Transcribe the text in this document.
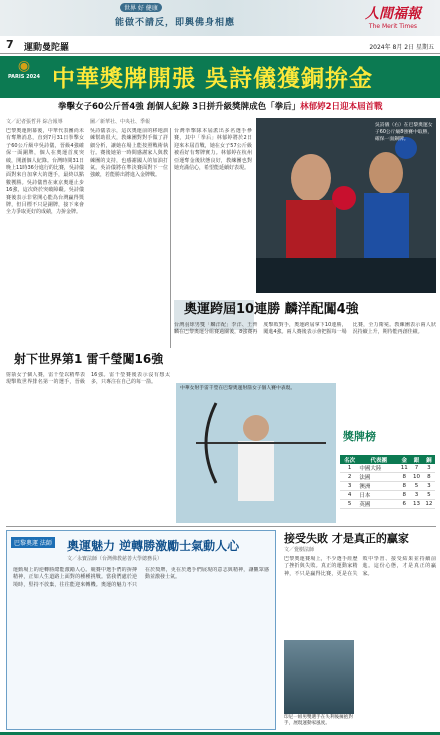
世界 好 健康
能做不請反，即興佛身相應
人間福報
The Merit Times
7 運動曼陀羅	2024年 8月 2日 星期五
◉
PARIS 2024 中華獎牌開張 吳詩儀獲銅拚金
拳擊女子60公斤晉4強 創個人紀錄 3日拼升級獎牌成色「拳后」林郁婷2日迎本屆首戰
文／記者張哲昇 綜合報導	圖／新華社、中央社、季報
巴黎奧運開幕後，中華代表團尚未有奪牌消息，直到7月31日拳擊女子60公斤級中吳詩儀，晉級4強確保一面銅牌，個人在奧運首度突破，開創個人紀錄。台灣時間31日晚上11時36分進行的比賽，吳詩儀面對來自加拿大的選手，最終以點數獲勝。吳詩儀曾在東京奧運止步16強，這次終於突破障礙。吳詩儀賽後表示非常開心能為台灣贏得獎牌，但目標不只是銅牌，接下來會全力爭取更好的成績，力拚金牌。
吳詩儀表示，這次奧運前的移地訓練幫助很大，教練團對對手做了詳細分析，讓她在場上能按照戰術執行。賽後她第一時間感謝家人與教練團的支持，也感謝國人的加油打氣。吳詩儀將在準決賽面對下一位強敵，若能勝出將進入金牌戰。
台灣拳擊隊本屆派出多名選手參賽，其中「拳后」林郁婷將於2日迎來本屆首戰，她在女子57公斤級被看好有奪牌實力。林郁婷在杭州亞運奪金後狀態良好，教練團也對她充滿信心，希望能延續好表現。
吳詩儀（右）在巴黎奧運女子60公斤級8強賽中取勝，確保一面銅牌。
奧運跨屆10連勝 麟洋配闖4強
台灣羽球男雙「麟洋配」李洋、王齊麟在巴黎奧運分組賽過關後，8強賽再度擊敗對手，奧運跨屆拿下10連勝，闖進4強。兩人賽後表示會把握每一場比賽，全力衛冕。教練團表示兩人狀況持續上升，期待能再創佳績。
射下世界第1 雷千瑩闖16強
射箭女子個人賽，雷千瑩以精準表現擊敗世界排名第一的選手，晉級16強。雷千瑩賽後表示沒有想太多，只專注在自己的每一箭。
中華女射手雷千瑩在巴黎奧運射箭女子個人賽中表現。
獎牌榜
名次	代表團	金	銀	銅
1	中國大陸	11	7	3
2	法國	8	10	8
3	澳洲	8	5	3
4	日本	8	3	5
5	英國	6	13	12
巴黎奧運 法師 奧運魅力 逆轉勝激勵士氣動人心
文／永寶法師（台灣佛教慈善大學總務長）
運動場上的逆轉勝總能激勵人心。競賽中選手們的拚搏精神，正如人生道路上面對的種種挑戰。當我們處於逆境時，堅持不放棄，往往能迎來轉機。奧運的魅力不只在於獎牌，更在於選手們展現的意志與精神，讓觀眾感動並激發士氣。
接受失敗 才是真正的贏家
文／覺樹法師
巴黎奧運賽場上，不少選手經歷了挫折與失敗。真正的運動家精神，不只是贏得比賽，更是在失敗中學習、接受結果並持續前進。這份心態，才是真正的贏家。
印尼一組男雙選手在失利後擁抱對手，展現運動家風度。
